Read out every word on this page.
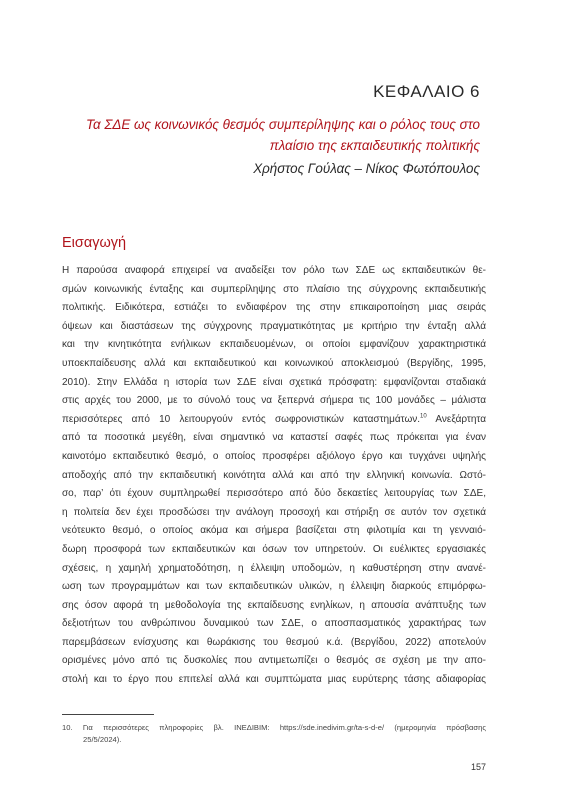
ΚΕΦΑΛΑΙΟ 6
Τα ΣΔΕ ως κοινωνικός θεσμός συμπερίληψης και ο ρόλος τους στο
πλαίσιο της εκπαιδευτικής πολιτικής
Χρήστος Γούλας – Νίκος Φωτόπουλος
Εισαγωγή
Η παρούσα αναφορά επιχειρεί να αναδείξει τον ρόλο των ΣΔΕ ως εκπαιδευτικών θε-
σμών κοινωνικής ένταξης και συμπερίληψης στο πλαίσιο της σύγχρονης εκπαιδευτικής
πολιτικής. Ειδικότερα, εστιάζει το ενδιαφέρον της στην επικαιροποίηση μιας σειράς
όψεων και διαστάσεων της σύγχρονης πραγματικότητας με κριτήριο την ένταξη αλλά
και την κινητικότητα ενήλικων εκπαιδευομένων, οι οποίοι εμφανίζουν χαρακτηριστικά
υποεκπαίδευσης αλλά και εκπαιδευτικού και κοινωνικού αποκλεισμού (Βεργίδης, 1995,
2010). Στην Ελλάδα η ιστορία των ΣΔΕ είναι σχετικά πρόσφατη: εμφανίζονται σταδιακά
στις αρχές του 2000, με το σύνολό τους να ξεπερνά σήμερα τις 100 μονάδες – μάλιστα
περισσότερες από 10 λειτουργούν εντός σωφρονιστικών καταστημάτων.$^{10}$ Ανεξάρτητα
από τα ποσοτικά μεγέθη, είναι σημαντικό να καταστεί σαφές πως πρόκειται για έναν
καινοτόμο εκπαιδευτικό θεσμό, ο οποίος προσφέρει αξιόλογο έργο και τυγχάνει υψηλής
αποδοχής από την εκπαιδευτική κοινότητα αλλά και από την ελληνική κοινωνία. Ωστό-
σο, παρ’ ότι έχουν συμπληρωθεί περισσότερο από δύο δεκαετίες λειτουργίας των ΣΔΕ,
η πολιτεία δεν έχει προσδώσει την ανάλογη προσοχή και στήριξη σε αυτόν τον σχετικά
νεότευκτο θεσμό, ο οποίος ακόμα και σήμερα βασίζεται στη φιλοτιμία και τη γενναιό-
δωρη προσφορά των εκπαιδευτικών και όσων τον υπηρετούν. Οι ευέλικτες εργασιακές
σχέσεις, η χαμηλή χρηματοδότηση, η έλλειψη υποδομών, η καθυστέρηση στην ανανέ-
ωση των προγραμμάτων και των εκπαιδευτικών υλικών, η έλλειψη διαρκούς επιμόρφω-
σης όσον αφορά τη μεθοδολογία της εκπαίδευσης ενηλίκων, η απουσία ανάπτυξης των
δεξιοτήτων του ανθρώπινου δυναμικού των ΣΔΕ, ο αποσπασματικός χαρακτήρας των
παρεμβάσεων ενίσχυσης και θωράκισης του θεσμού κ.ά. (Βεργίδου, 2022) αποτελούν
ορισμένες μόνο από τις δυσκολίες που αντιμετωπίζει ο θεσμός σε σχέση με την απο-
στολή και το έργο που επιτελεί αλλά και συμπτώματα μιας ευρύτερης τάσης αδιαφορίας
10. Για περισσότερες πληροφορίες βλ. ΙΝΕΔΙΒΙΜ: https://sde.inedivim.gr/ta-s-d-e/ (ημερομηνία πρόσβασης
25/5/2024).
157
